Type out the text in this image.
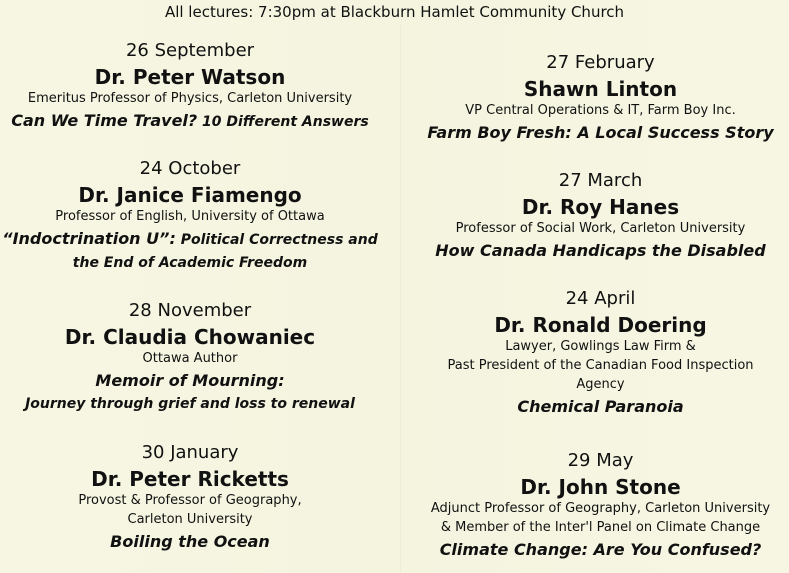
All lectures: 7:30pm at Blackburn Hamlet Community Church
26 September
Dr. Peter Watson
Emeritus Professor of Physics, Carleton University
Can We Time Travel? 10 Different Answers
24 October
Dr. Janice Fiamengo
Professor of English, University of Ottawa
“Indoctrination U”: Political Correctness and
the End of Academic Freedom
28 November
Dr. Claudia Chowaniec
Ottawa Author
Memoir of Mourning:
Journey through grief and loss to renewal
30 January
Dr. Peter Ricketts
Provost & Professor of Geography,
Carleton University
Boiling the Ocean
27 February
Shawn Linton
VP Central Operations & IT, Farm Boy Inc.
Farm Boy Fresh: A Local Success Story
27 March
Dr. Roy Hanes
Professor of Social Work, Carleton University
How Canada Handicaps the Disabled
24 April
Dr. Ronald Doering
Lawyer, Gowlings Law Firm &
Past President of the Canadian Food Inspection
Agency
Chemical Paranoia
29 May
Dr. John Stone
Adjunct Professor of Geography, Carleton University
& Member of the Inter'l Panel on Climate Change
Climate Change: Are You Confused?
